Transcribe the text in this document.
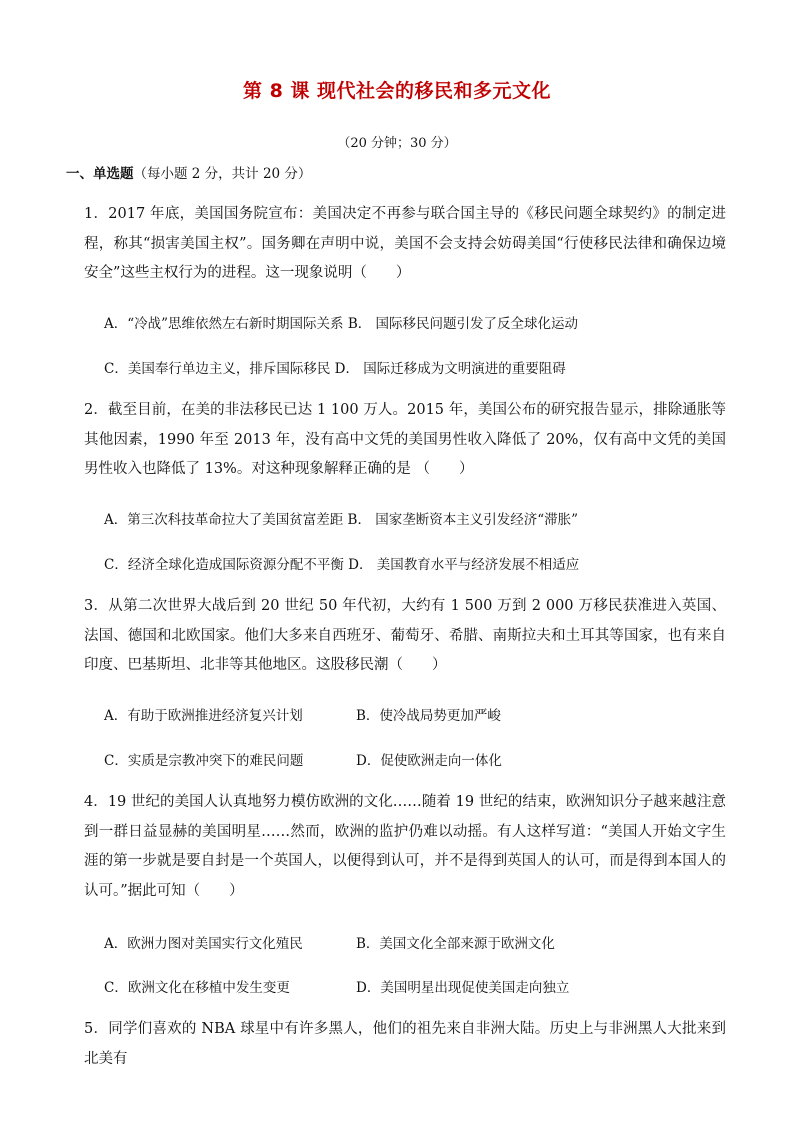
第 8 课 现代社会的移民和多元文化
（20 分钟；30 分）
一、单选题（每小题 2 分，共计 20 分）
1．2017 年底，美国国务院宣布：美国决定不再参与联合国主导的《移民问题全球契约》的制定进程，称其“损害美国主权”。国务卿在声明中说，美国不会支持会妨碍美国“行使移民法律和确保边境安全”这些主权行为的进程。这一现象说明（　　）
A．“冷战”思维依然左右新时期国际关系 B． 国际移民问题引发了反全球化运动
C．美国奉行单边主义，排斥国际移民 D． 国际迁移成为文明演进的重要阻碍
2．截至目前，在美的非法移民已达 1 100 万人。2015 年，美国公布的研究报告显示，排除通胀等其他因素，1990 年至 2013 年，没有高中文凭的美国男性收入降低了 20%，仅有高中文凭的美国男性收入也降低了 13%。对这种现象解释正确的是 （　　）
A．第三次科技革命拉大了美国贫富差距 B． 国家垄断资本主义引发经济“滞胀”
C．经济全球化造成国际资源分配不平衡 D． 美国教育水平与经济发展不相适应
3．从第二次世界大战后到 20 世纪 50 年代初，大约有 1 500 万到 2 000 万移民获准进入英国、法国、德国和北欧国家。他们大多来自西班牙、葡萄牙、希腊、南斯拉夫和土耳其等国家，也有来自印度、巴基斯坦、北非等其他地区。这股移民潮（　　）
A．有助于欧洲推进经济复兴计划	B．使冷战局势更加严峻
C．实质是宗教冲突下的难民问题	D．促使欧洲走向一体化
4．19 世纪的美国人认真地努力模仿欧洲的文化……随着 19 世纪的结束，欧洲知识分子越来越注意到一群日益显赫的美国明星……然而，欧洲的监护仍难以动摇。有人这样写道：“美国人开始文字生涯的第一步就是要自封是一个英国人，以便得到认可，并不是得到英国人的认可，而是得到本国人的认可。”据此可知（　　）
A．欧洲力图对美国实行文化殖民	B．美国文化全部来源于欧洲文化
C．欧洲文化在移植中发生变更	D．美国明星出现促使美国走向独立
5．同学们喜欢的 NBA 球星中有许多黑人，他们的祖先来自非洲大陆。历史上与非洲黑人大批来到北美有
